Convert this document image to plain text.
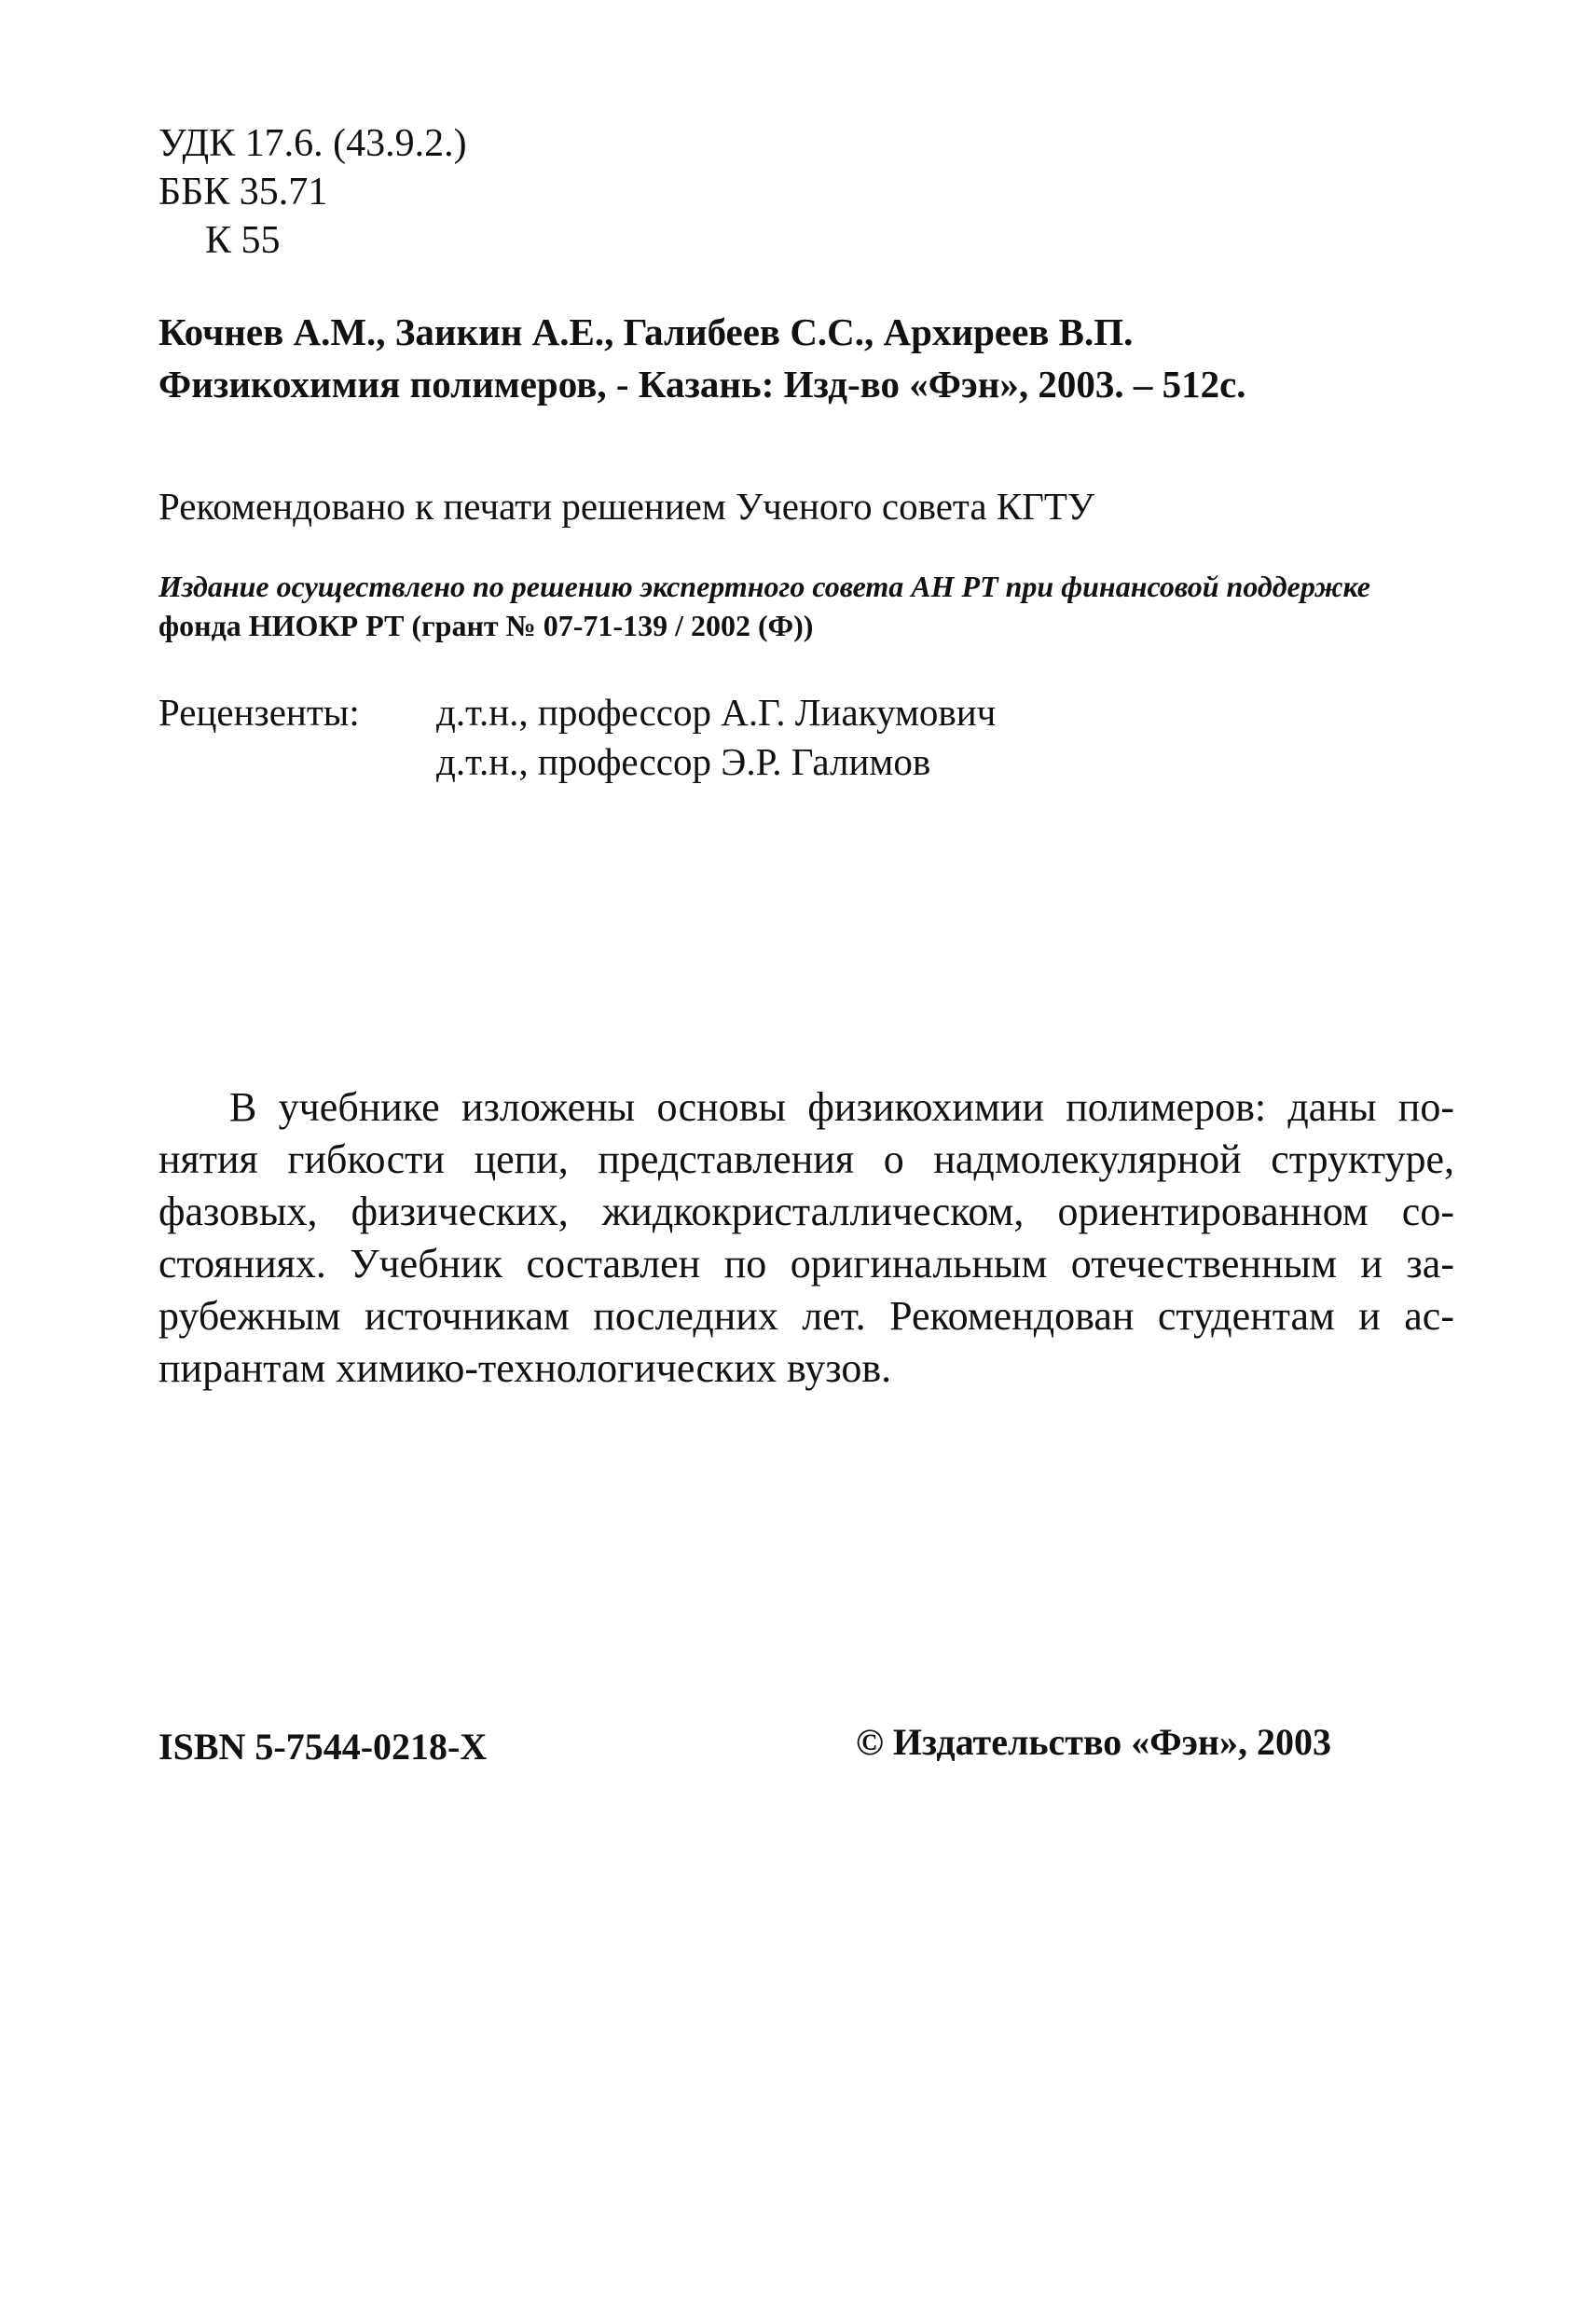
УДК 17.6. (43.9.2.)
ББК 35.71
К 55
Кочнев А.М., Заикин А.Е., Галибеев С.С., Архиреев В.П.
Физикохимия полимеров, - Казань: Изд-во «Фэн», 2003. – 512с.
Рекомендовано к печати решением Ученого совета КГТУ
Издание осуществлено по решению экспертного совета АН РТ при финансовой поддержке
фонда НИОКР РТ (грант № 07-71-139 / 2002 (Ф))
Рецензенты: д.т.н., профессор А.Г. Лиакумович
д.т.н., профессор Э.Р. Галимов
В учебнике изложены основы физикохимии полимеров: даны понятия гибкости цепи, представления о надмолекулярной структуре, фазовых, физических, жидкокристаллическом, ориентированном состояниях. Учебник составлен по оригинальным отечественным и зарубежным источникам последних лет. Рекомендован студентам и аспирантам химико-технологических вузов.
ISBN 5-7544-0218-X	© Издательство «Фэн», 2003
